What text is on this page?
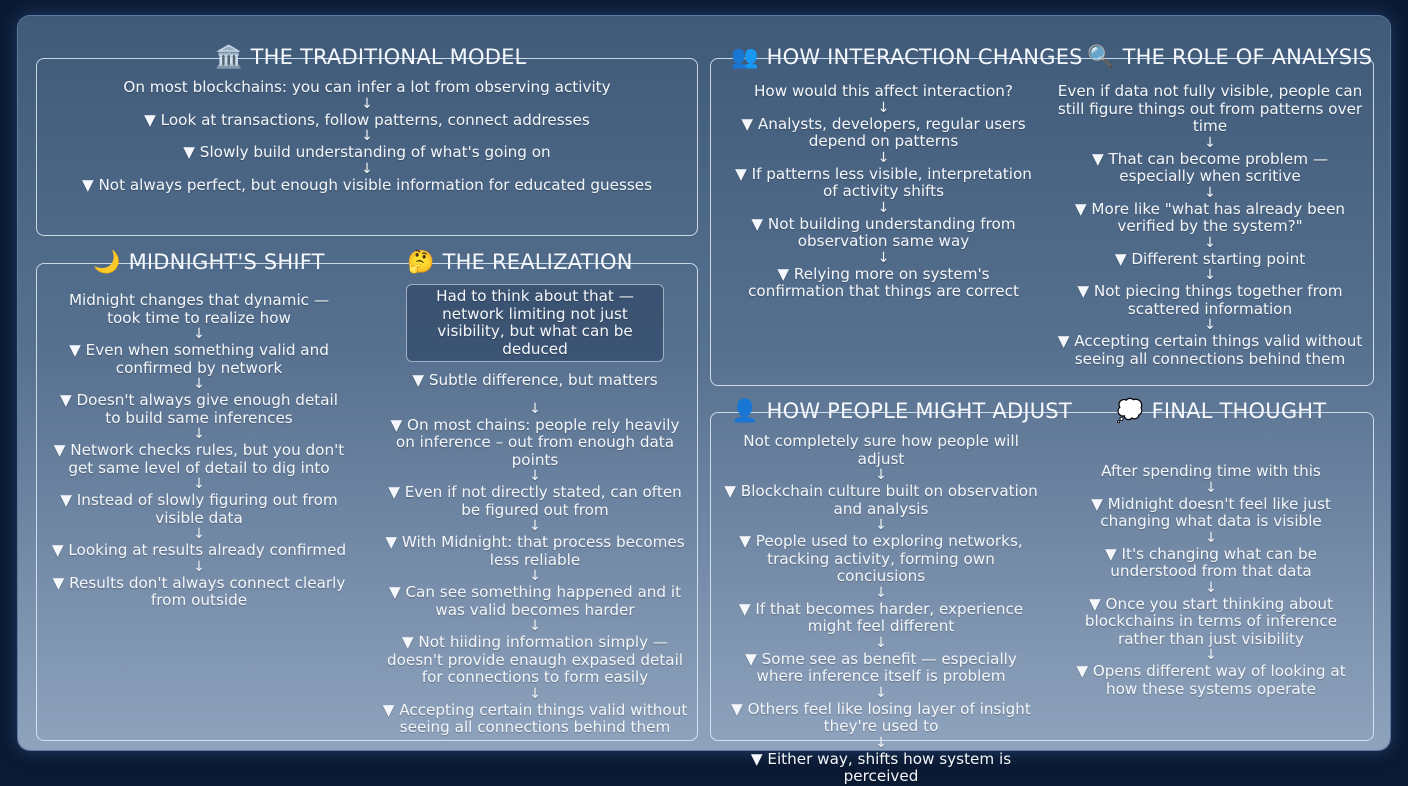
🏛️ THE TRADITIONAL MODEL
On most blockchains: you can infer a lot from observing activity
↓
▼ Look at transactions, follow patterns, connect addresses
↓
▼ Slowly build understanding of what's going on
↓
▼ Not always perfect, but enough visible information for educated guesses
👥 HOW INTERACTION CHANGES 🔍 THE ROLE OF ANALYSIS
How would this affect interaction?
↓
▼ Analysts, developers, regular users depend on patterns
↓
▼ If patterns less visible, interpretation of activity shifts
↓
▼ Not building understanding from observation same way
↓
▼ Relying more on system's confirmation that things are correct
Even if data not fully visible, people can still figure things out from patterns over time
↓
▼ That can become problem — especially when scritive
↓
▼ More like "what has already been verified by the system?"
↓
▼ Different starting point
↓
▼ Not piecing things together from scattered information
↓
▼ Accepting certain things valid without seeing all connections behind them
🌙 MIDNIGHT'S SHIFT	🤔 THE REALIZATION
Midnight changes that dynamic — took time to realize how
↓
▼ Even when something valid and confirmed by network
↓
▼ Doesn't always give enough detail to build same inferences
↓
▼ Network checks rules, but you don't get same level of detail to dig into
↓
▼ Instead of slowly figuring out from visible data
↓
▼ Looking at results already confirmed
↓
▼ Results don't always connect clearly from outside
Had to think about that — network limiting not just visibility, but what can be deduced
▼ Subtle difference, but matters
↓
▼ On most chains: people rely heavily on inference – out from enough data points
↓
▼ Even if not directly stated, can often be figured out from
↓
▼ With Midnight: that process becomes less reliable
↓
▼ Can see something happened and it was valid becomes harder
↓
▼ Not hiiding information simply — doesn't provide enaugh expased detail for connections to form easily
↓
▼ Accepting certain things valid without seeing all connections behind them
👤 HOW PEOPLE MIGHT ADJUST 💭 FINAL THOUGHT
Not completely sure how people will adjust
↓
▼ Blockchain culture built on observation and analysis
↓
▼ People used to exploring networks, tracking activity, forming own conciusions
↓
▼ If that becomes harder, experience might feel different
↓
▼ Some see as benefit — especially where inference itself is problem
↓
▼ Others feel like losing layer of insight they're used to
↓
▼ Either way, shifts how system is perceived
After spending time with this
↓
▼ Midnight doesn't feel like just changing what data is visible
↓
▼ It's changing what can be understood from that data
↓
▼ Once you start thinking about blockchains in terms of inference rather than just visibility
↓
▼ Opens different way of looking at how these systems operate
